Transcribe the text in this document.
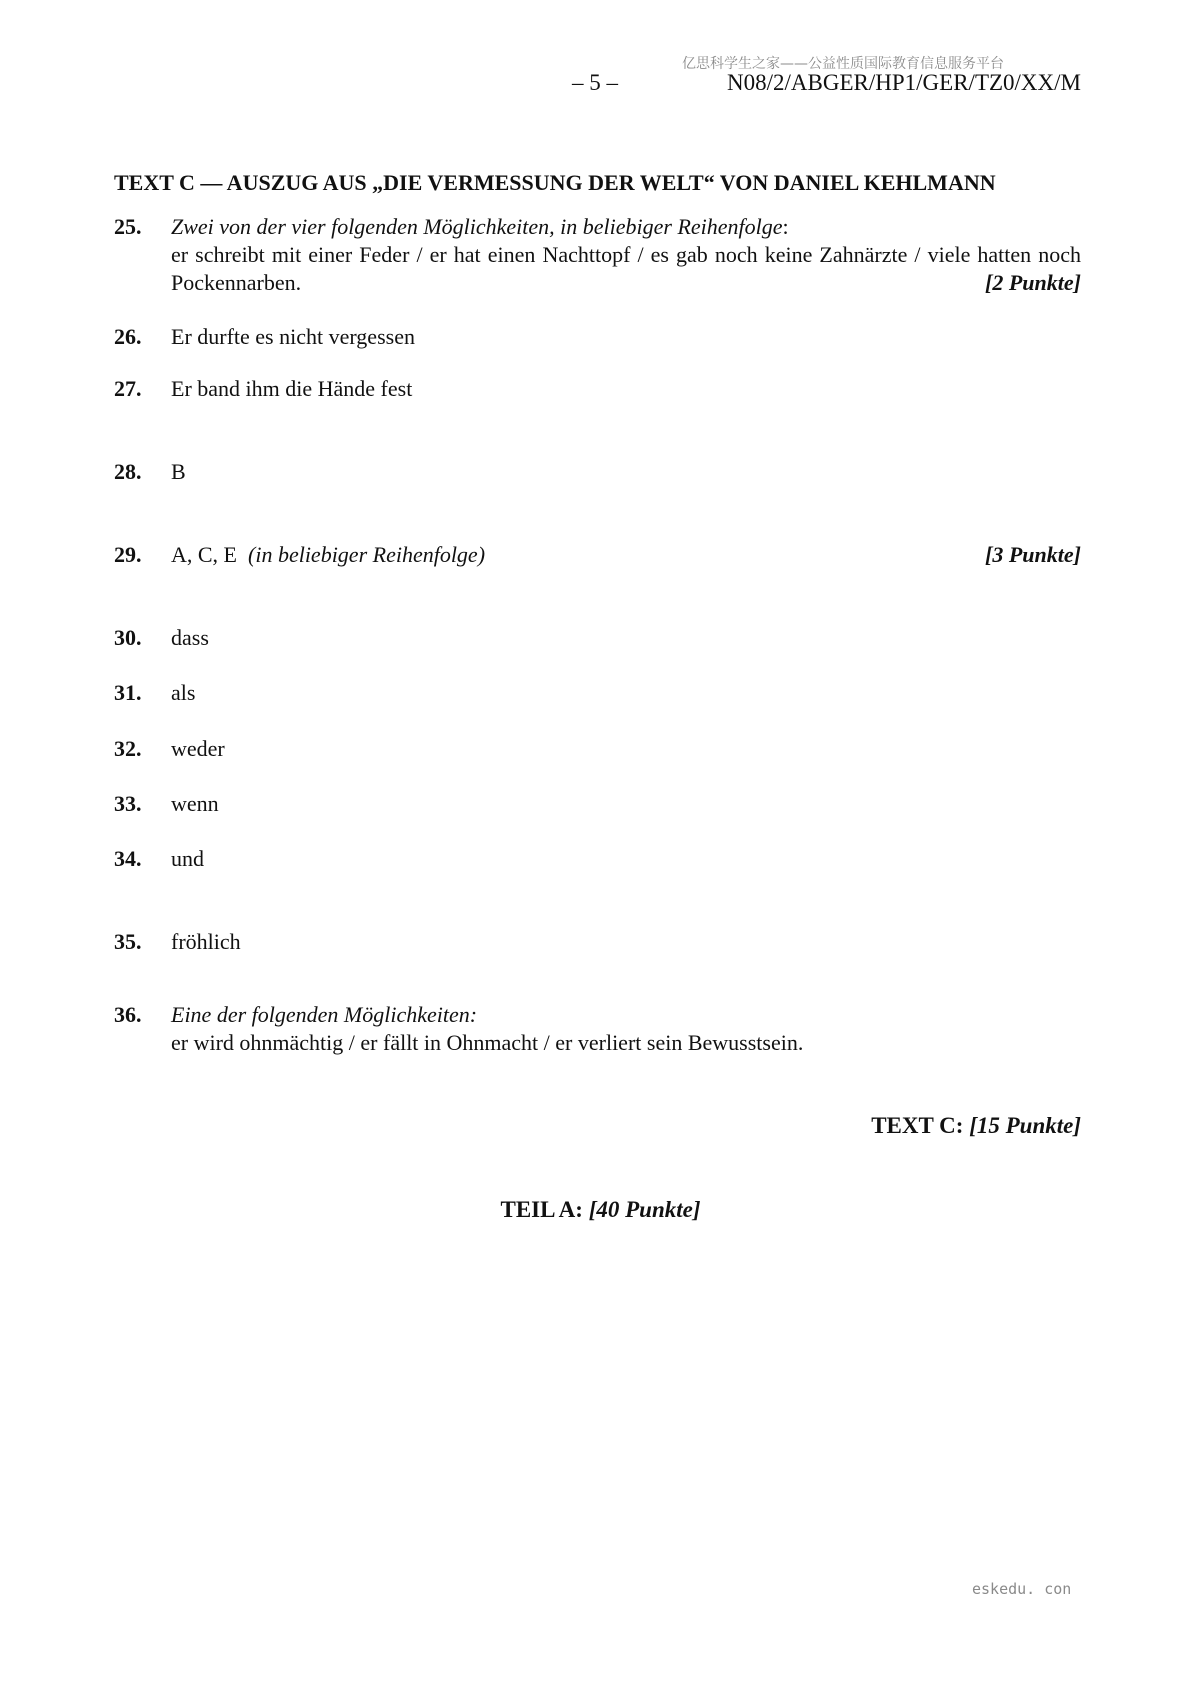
亿思科学生之家——公益性质国际教育信息服务平台
– 5 –	N08/2/ABGER/HP1/GER/TZ0/XX/M
TEXT C — AUSZUG AUS „DIE VERMESSUNG DER WELT“ VON DANIEL KEHLMANN
25. Zwei von der vier folgenden Möglichkeiten, in beliebiger Reihenfolge:
er schreibt mit einer Feder / er hat einen Nachttopf / es gab noch keine Zahnärzte / viele hatten noch Pockennarben.	[2 Punkte]
26. Er durfte es nicht vergessen
27. Er band ihm die Hände fest
28. B
29. A, C, E (in beliebiger Reihenfolge)	[3 Punkte]
30. dass
31. als
32. weder
33. wenn
34. und
35. fröhlich
36. Eine der folgenden Möglichkeiten:
er wird ohnmächtig / er fällt in Ohnmacht / er verliert sein Bewusstsein.
TEXT C: [15 Punkte]
TEIL A: [40 Punkte]
eskedu. con
